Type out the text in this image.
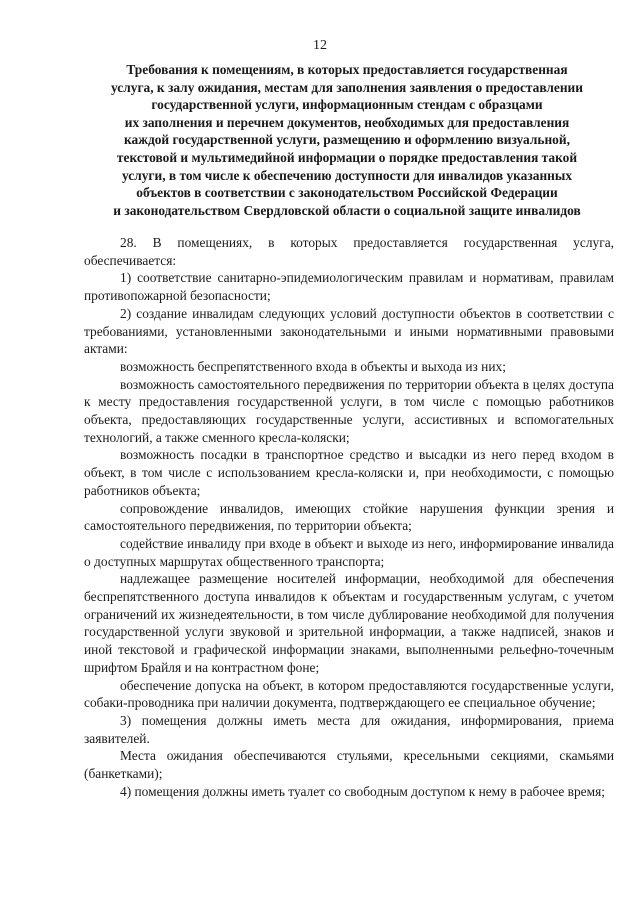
12
Требования к помещениям, в которых предоставляется государственная
услуга, к залу ожидания, местам для заполнения заявления о предоставлении
государственной услуги, информационным стендам с образцами
их заполнения и перечнем документов, необходимых для предоставления
каждой государственной услуги, размещению и оформлению визуальной,
текстовой и мультимедийной информации о порядке предоставления такой
услуги, в том числе к обеспечению доступности для инвалидов указанных
объектов в соответствии с законодательством Российской Федерации
и законодательством Свердловской области о социальной защите инвалидов

28. В помещениях, в которых предоставляется государственная услуга, обеспечивается:

1) соответствие санитарно-эпидемиологическим правилам и нормативам, правилам противопожарной безопасности;

2) создание инвалидам следующих условий доступности объектов в соответствии с требованиями, установленными законодательными и иными нормативными правовыми актами:

возможность беспрепятственного входа в объекты и выхода из них;

возможность самостоятельного передвижения по территории объекта в целях доступа к месту предоставления государственной услуги, в том числе с помощью работников объекта, предоставляющих государственные услуги, ассистивных и вспомогательных технологий, а также сменного кресла-коляски;

возможность посадки в транспортное средство и высадки из него перед входом в объект, в том числе с использованием кресла-коляски и, при необходимости, с помощью работников объекта;

сопровождение инвалидов, имеющих стойкие нарушения функции зрения и самостоятельного передвижения, по территории объекта;

содействие инвалиду при входе в объект и выходе из него, информирование инвалида о доступных маршрутах общественного транспорта;

надлежащее размещение носителей информации, необходимой для обеспечения беспрепятственного доступа инвалидов к объектам и государственным услугам, с учетом ограничений их жизнедеятельности, в том числе дублирование необходимой для получения государственной услуги звуковой и зрительной информации, а также надписей, знаков и иной текстовой и графической информации знаками, выполненными рельефно-точечным шрифтом Брайля и на контрастном фоне;

обеспечение допуска на объект, в котором предоставляются государственные услуги, собаки-проводника при наличии документа, подтверждающего ее специальное обучение;

3) помещения должны иметь места для ожидания, информирования, приема заявителей.

Места ожидания обеспечиваются стульями, кресельными секциями, скамьями (банкетками);

4) помещения должны иметь туалет со свободным доступом к нему в рабочее время;
